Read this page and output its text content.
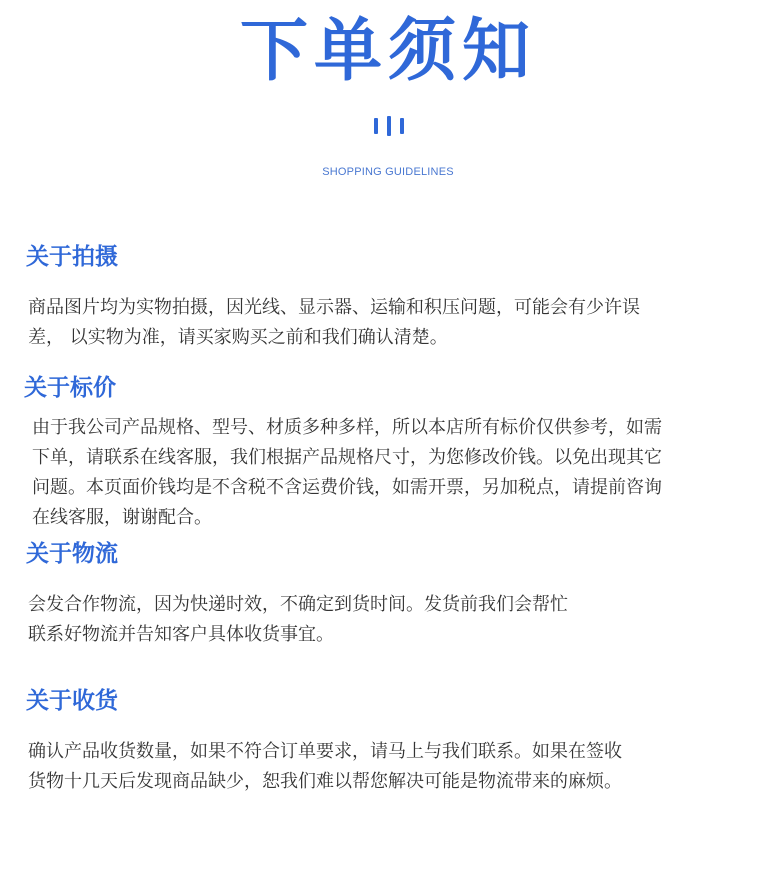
下单须知
SHOPPING GUIDELINES
关于拍摄
商品图片均为实物拍摄，因光线、显示器、运输和积压问题，可能会有少许误
差， 以实物为准，请买家购买之前和我们确认清楚。
关于标价
由于我公司产品规格、型号、材质多种多样，所以本店所有标价仅供参考，如需
下单，请联系在线客服，我们根据产品规格尺寸，为您修改价钱。以免出现其它
问题。本页面价钱均是不含税不含运费价钱，如需开票，另加税点，请提前咨询
在线客服，谢谢配合。
关于物流
会发合作物流，因为快递时效，不确定到货时间。发货前我们会帮忙
联系好物流并告知客户具体收货事宜。
关于收货
确认产品收货数量，如果不符合订单要求，请马上与我们联系。如果在签收
货物十几天后发现商品缺少，恕我们难以帮您解决可能是物流带来的麻烦。
